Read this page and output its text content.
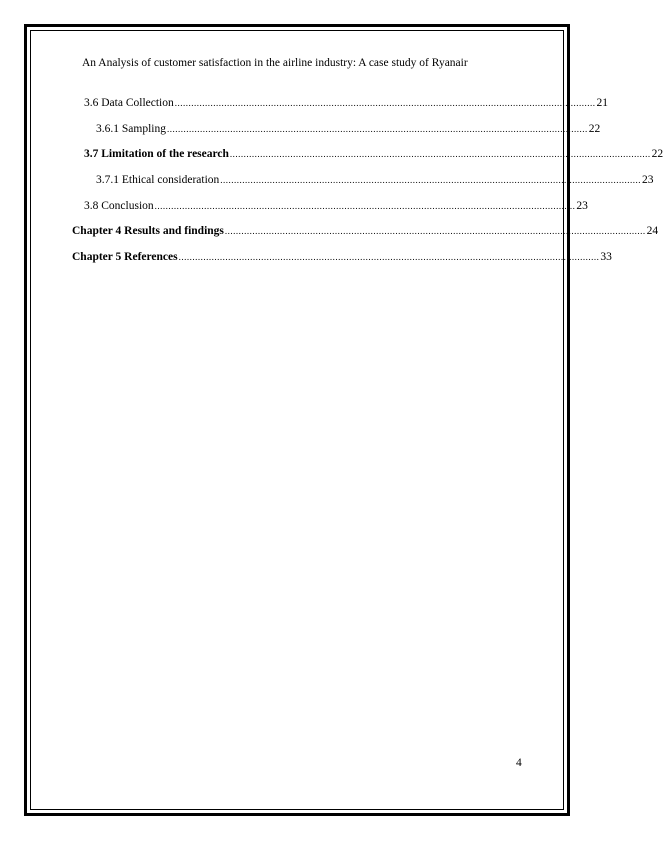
An Analysis of customer satisfaction in the airline industry: A case study of Ryanair
3.6 Data Collection ......................................................................................................................................................... 21
3.6.1 Sampling ......................................................................................................................................................... 22
3.7 Limitation of the research ......................................................................................................................................................... 22
3.7.1 Ethical consideration ......................................................................................................................................................... 23
3.8 Conclusion ......................................................................................................................................................... 23
Chapter 4 Results and findings ......................................................................................................................................................... 24
Chapter 5 References ......................................................................................................................................................... 33
4
